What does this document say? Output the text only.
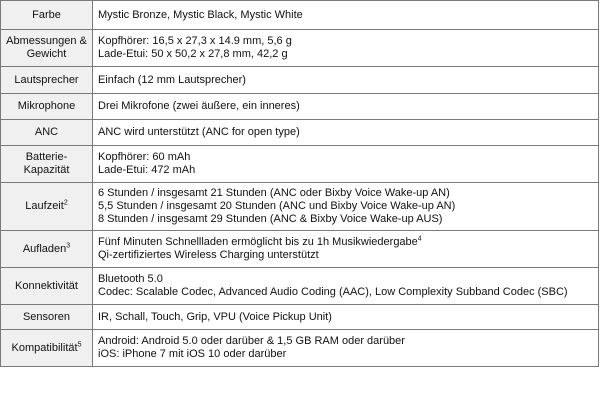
Farbe	Mystic Bronze, Mystic Black, Mystic White

Abmessungen & Gewicht	Kopfhörer: 16,5 x 27,3 x 14.9 mm, 5,6 g
Lade-Etui: 50 x 50,2 x 27,8 mm, 42,2 g

Lautsprecher	Einfach (12 mm Lautsprecher)

Mikrophone	Drei Mikrofone (zwei äußere, ein inneres)

ANC	ANC wird unterstützt (ANC for open type)

Batterie-Kapazität	Kopfhörer: 60 mAh
Lade-Etui: 472 mAh

Laufzeit$^2$	6 Stunden / insgesamt 21 Stunden (ANC oder Bixby Voice Wake-up AN)
5,5 Stunden / insgesamt 20 Stunden (ANC und Bixby Voice Wake-up AN)
8 Stunden / insgesamt 29 Stunden (ANC & Bixby Voice Wake-up AUS)

Aufladen$^3$	Fünf Minuten Schnellladen ermöglicht bis zu 1h Musikwiedergabe$^4$
Qi-zertifiziertes Wireless Charging unterstützt

Konnektivität	Bluetooth 5.0
Codec: Scalable Codec, Advanced Audio Coding (AAC), Low Complexity Subband Codec (SBC)

Sensoren	IR, Schall, Touch, Grip, VPU (Voice Pickup Unit)

Kompatibilität$^5$	Android: Android 5.0 oder darüber & 1,5 GB RAM oder darüber
iOS: iPhone 7 mit iOS 10 oder darüber
